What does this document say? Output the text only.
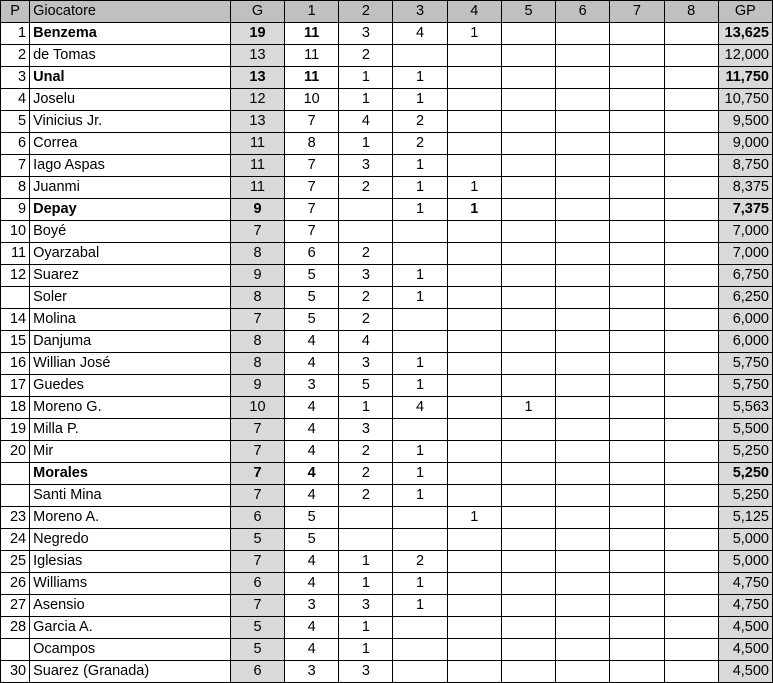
P	Giocatore	G	1	2	3	4	5	6	7	8	GP
1	Benzema	19	11	3	4	1					13,625
2	de Tomas	13	11	2							12,000
3	Unal	13	11	1	1						11,750
4	Joselu	12	10	1	1						10,750
5	Vinicius Jr.	13	7	4	2						9,500
6	Correa	11	8	1	2						9,000
7	Iago Aspas	11	7	3	1						8,750
8	Juanmi	11	7	2	1	1					8,375
9	Depay	9	7		1	1					7,375
10	Boyé	7	7								7,000
11	Oyarzabal	8	6	2							7,000
12	Suarez	9	5	3	1						6,750
	Soler	8	5	2	1						6,250
14	Molina	7	5	2							6,000
15	Danjuma	8	4	4							6,000
16	Willian José	8	4	3	1						5,750
17	Guedes	9	3	5	1						5,750
18	Moreno G.	10	4	1	4		1				5,563
19	Milla P.	7	4	3							5,500
20	Mir	7	4	2	1						5,250
	Morales	7	4	2	1						5,250
	Santi Mina	7	4	2	1						5,250
23	Moreno A.	6	5			1					5,125
24	Negredo	5	5								5,000
25	Iglesias	7	4	1	2						5,000
26	Williams	6	4	1	1						4,750
27	Asensio	7	3	3	1						4,750
28	Garcia A.	5	4	1							4,500
	Ocampos	5	4	1							4,500
30	Suarez (Granada)	6	3	3							4,500
